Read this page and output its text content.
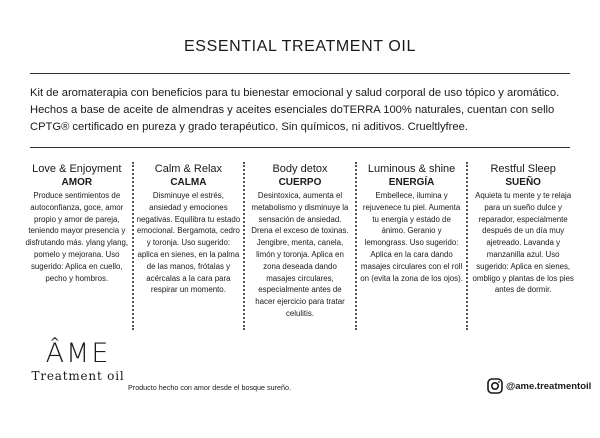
ESSENTIAL TREATMENT OIL
Kit de aromaterapia con beneficios para tu bienestar emocional y salud corporal de uso tópico y aromático. Hechos a base de aceite de almendras y aceites esenciales doTERRA 100% naturales, cuentan con sello CPTG® certificado en pureza y grado terapéutico. Sin químicos, ni aditivos. Crueltlyfree.
Love & Enjoyment
AMOR
Produce sentimientos de autoconfianza, goce, amor propio y amor de pareja, teniendo mayor presencia y disfrutando más. ylang ylang, pomelo y mejorana. Uso sugerido: Aplica en cuello, pecho y hombros.
Calm & Relax
CALMA
Disminuye el estrés, ansiedad y emociones negativas. Equilibra tu estado emocional. Bergamota, cedro y toronja. Uso sugerido: aplica en sienes, en la palma de las manos, frótalas y acércalas a la cara para respirar un momento.
Body detox
CUERPO
Desintoxica, aumenta el metabolismo y disminuye la sensación de ansiedad. Drena el exceso de toxinas. Jengibre, menta, canela, limón y toronja. Aplica en zona deseada dando masajes circulares, especialmente antes de hacer ejercicio para tratar celulitis.
Luminous & shine
ENERGÍA
Embellece, ilumina y rejuvenece tu piel. Aumenta tu energía y estado de ánimo. Geranio y lemongrass. Uso sugerido: Aplica en la cara dando masajes circulares con el roll on (evita la zona de los ojos).
Restful Sleep
SUEÑO
Aquieta tu mente y te relaja para un sueño dulce y reparador, especialmente después de un día muy ajetreado. Lavanda y manzanilla azul. Uso sugerido: Aplica en sienes, ombligo y plantas de los pies antes de dormir.
ÂME
Treatment oil
Producto hecho con amor desde el bosque sureño.	@ame.treatmentoil
